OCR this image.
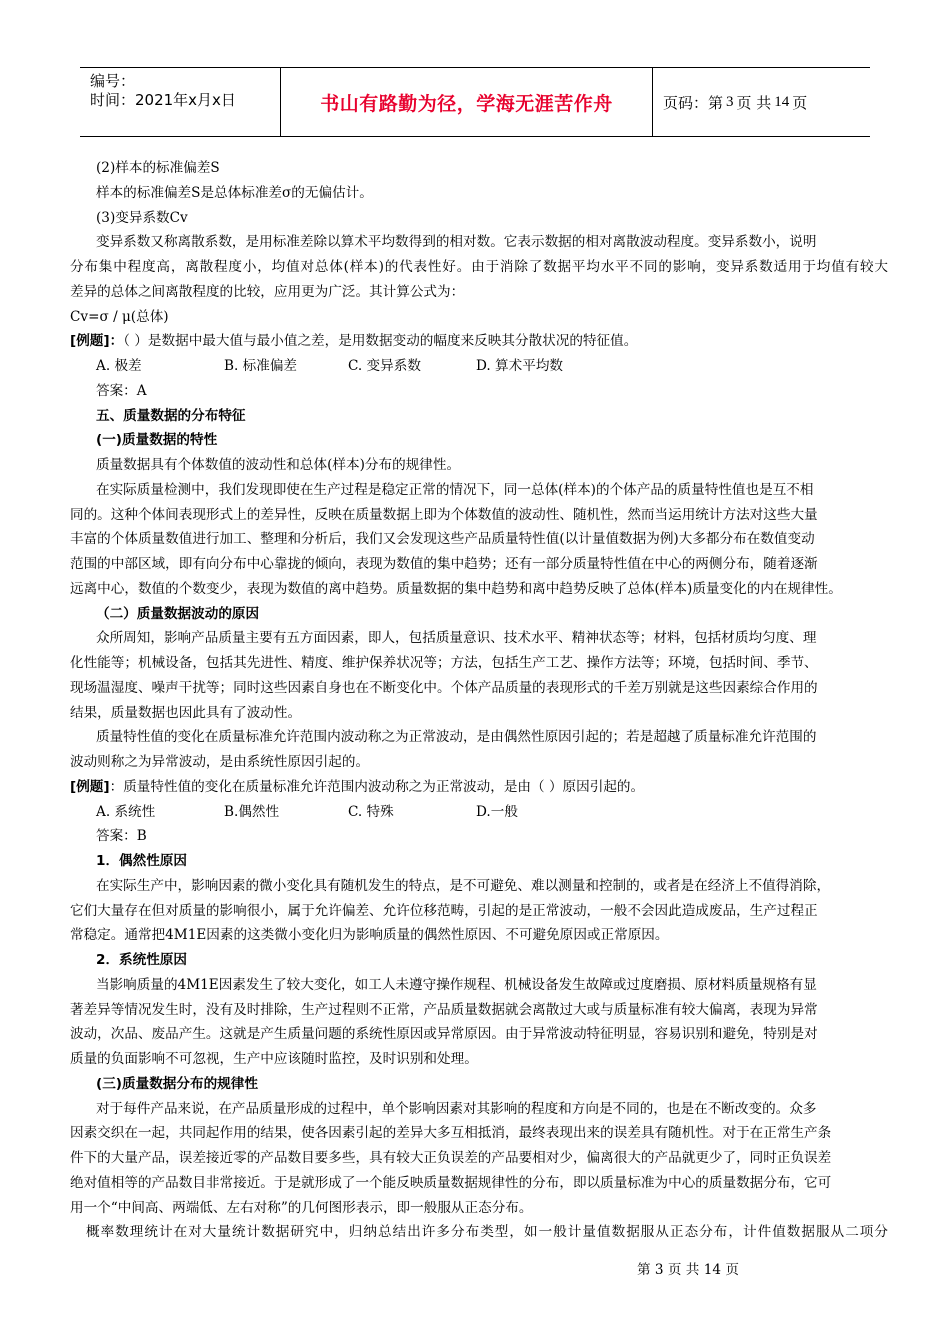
编号：
时间：2021年x月x日	书山有路勤为径，学海无涯苦作舟	页码：第 3 页 共 14 页
(2)样本的标准偏差S
样本的标准偏差S是总体标准差σ的无偏估计。
(3)变异系数Cv
变异系数又称离散系数，是用标准差除以算术平均数得到的相对数。它表示数据的相对离散波动程度。变异系数小，说明
分布集中程度高，离散程度小，均值对总体(样本)的代表性好。由于消除了数据平均水平不同的影响，变异系数适用于均值有较大
差异的总体之间离散程度的比较，应用更为广泛。其计算公式为：
Cv=σ / μ(总体)
[例题]：（ ）是数据中最大值与最小值之差，是用数据变动的幅度来反映其分散状况的特征值。
A. 极差	B. 标准偏差	C. 变异系数	D. 算术平均数
答案：A
五、质量数据的分布特征
(一)质量数据的特性
质量数据具有个体数值的波动性和总体(样本)分布的规律性。
在实际质量检测中，我们发现即使在生产过程是稳定正常的情况下，同一总体(样本)的个体产品的质量特性值也是互不相
同的。这种个体间表现形式上的差异性，反映在质量数据上即为个体数值的波动性、随机性，然而当运用统计方法对这些大量
丰富的个体质量数值进行加工、整理和分析后，我们又会发现这些产品质量特性值(以计量值数据为例)大多都分布在数值变动
范围的中部区域，即有向分布中心靠拢的倾向，表现为数值的集中趋势；还有一部分质量特性值在中心的两侧分布，随着逐渐
远离中心，数值的个数变少，表现为数值的离中趋势。质量数据的集中趋势和离中趋势反映了总体(样本)质量变化的内在规律性。
（二）质量数据波动的原因
众所周知，影响产品质量主要有五方面因素，即人，包括质量意识、技术水平、精神状态等；材料，包括材质均匀度、理
化性能等；机械设备，包括其先进性、精度、维护保养状况等；方法，包括生产工艺、操作方法等；环境，包括时间、季节、
现场温湿度、噪声干扰等；同时这些因素自身也在不断变化中。个体产品质量的表现形式的千差万别就是这些因素综合作用的
结果，质量数据也因此具有了波动性。
质量特性值的变化在质量标准允许范围内波动称之为正常波动，是由偶然性原因引起的；若是超越了质量标准允许范围的
波动则称之为异常波动，是由系统性原因引起的。
[例题]：质量特性值的变化在质量标准允许范围内波动称之为正常波动，是由（ ）原因引起的。
A. 系统性	B.偶然性	C. 特殊	D.一般
答案：B
1．偶然性原因
在实际生产中，影响因素的微小变化具有随机发生的特点，是不可避免、难以测量和控制的，或者是在经济上不值得消除，
它们大量存在但对质量的影响很小，属于允许偏差、允许位移范畴，引起的是正常波动，一般不会因此造成废品，生产过程正
常稳定。通常把4M1E因素的这类微小变化归为影响质量的偶然性原因、不可避免原因或正常原因。
2．系统性原因
当影响质量的4M1E因素发生了较大变化，如工人未遵守操作规程、机械设备发生故障或过度磨损、原材料质量规格有显
著差异等情况发生时，没有及时排除，生产过程则不正常，产品质量数据就会离散过大或与质量标准有较大偏离，表现为异常
波动，次品、废品产生。这就是产生质量问题的系统性原因或异常原因。由于异常波动特征明显，容易识别和避免，特别是对
质量的负面影响不可忽视，生产中应该随时监控，及时识别和处理。
(三)质量数据分布的规律性
对于每件产品来说，在产品质量形成的过程中，单个影响因素对其影响的程度和方向是不同的，也是在不断改变的。众多
因素交织在一起，共同起作用的结果，使各因素引起的差异大多互相抵消，最终表现出来的误差具有随机性。对于在正常生产条
件下的大量产品，误差接近零的产品数目要多些，具有较大正负误差的产品要相对少，偏离很大的产品就更少了，同时正负误差
绝对值相等的产品数目非常接近。于是就形成了一个能反映质量数据规律性的分布，即以质量标准为中心的质量数据分布，它可
用一个“中间高、两端低、左右对称”的几何图形表示，即一般服从正态分布。
概率数理统计在对大量统计数据研究中，归纳总结出许多分布类型，如一般计量值数据服从正态分布，计件值数据服从二项分
第 3 页 共 14 页
